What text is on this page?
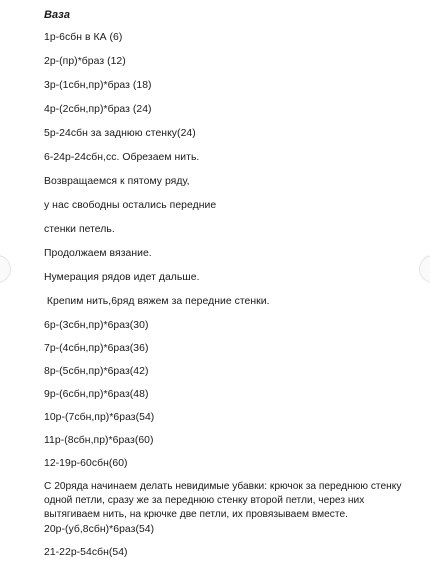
Ваза
1р-6сбн в КА (6)
2р-(пр)*браз (12)
3р-(1сбн,пр)*браз (18)
4р-(2сбн,пр)*браз (24)
5р-24сбн за заднюю стенку(24)
6-24р-24сбн,сс. Обрезаем нить.
Возвращаемся к пятому ряду,
у нас свободны остались передние
стенки петель.
Продолжаем вязание.
Нумерация рядов идет дальше.
Крепим нить,6ряд вяжем за передние стенки.
6р-(3сбн,пр)*6раз(30)
7р-(4сбн,пр)*6раз(36)
8р-(5сбн,пр)*6раз(42)
9р-(6сбн,пр)*6раз(48)
10р-(7сбн,пр)*6раз(54)
11р-(8сбн,пр)*6раз(60)
12-19р-60сбн(60)
С 20ряда начинаем делать невидимые убавки: крючок за переднюю стенку
одной петли, сразу же за переднюю стенку второй петли, через них
вытягиваем нить, на крючке две петли, их провязываем вместе.
20р-(уб,8сбн)*6раз(54)
21-22р-54сбн(54)
